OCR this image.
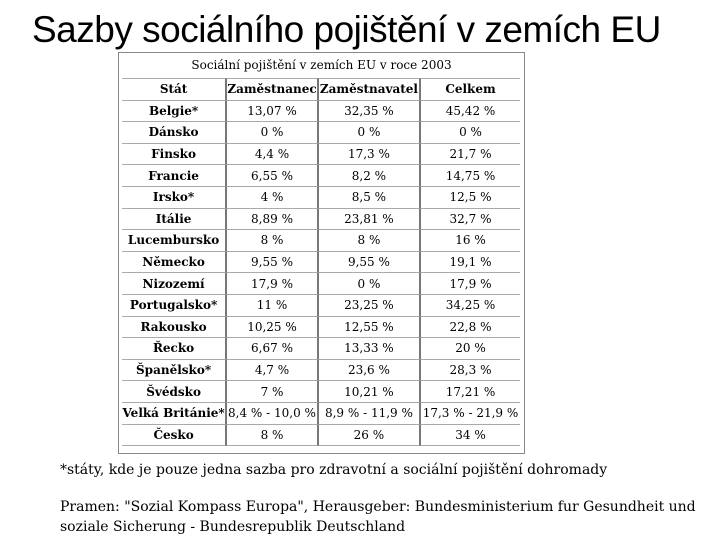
Sazby sociálního pojištění v zemích EU
Sociální pojištění v zemích EU v roce 2003
Stát	Zaměstnanec	Zaměstnavatel	Celkem
Belgie*	13,07 %	32,35 %	45,42 %
Dánsko	0 %	0 %	0 %
Finsko	4,4 %	17,3 %	21,7 %
Francie	6,55 %	8,2 %	14,75 %
Irsko*	4 %	8,5 %	12,5 %
Itálie	8,89 %	23,81 %	32,7 %
Lucembursko	8 %	8 %	16 %
Německo	9,55 %	9,55 %	19,1 %
Nizozemí	17,9 %	0 %	17,9 %
Portugalsko*	11 %	23,25 %	34,25 %
Rakousko	10,25 %	12,55 %	22,8 %
Řecko	6,67 %	13,33 %	20 %
Španělsko*	4,7 %	23,6 %	28,3 %
Švédsko	7 %	10,21 %	17,21 %
Velká Británie*	8,4 % - 10,0 %	8,9 % - 11,9 %	17,3 % - 21,9 %
Česko	8 %	26 %	34 %
*státy, kde je pouze jedna sazba pro zdravotní a sociální pojištění dohromady
Pramen: "Sozial Kompass Europa", Herausgeber: Bundesministerium fur Gesundheit und soziale Sicherung - Bundesrepublik Deutschland
